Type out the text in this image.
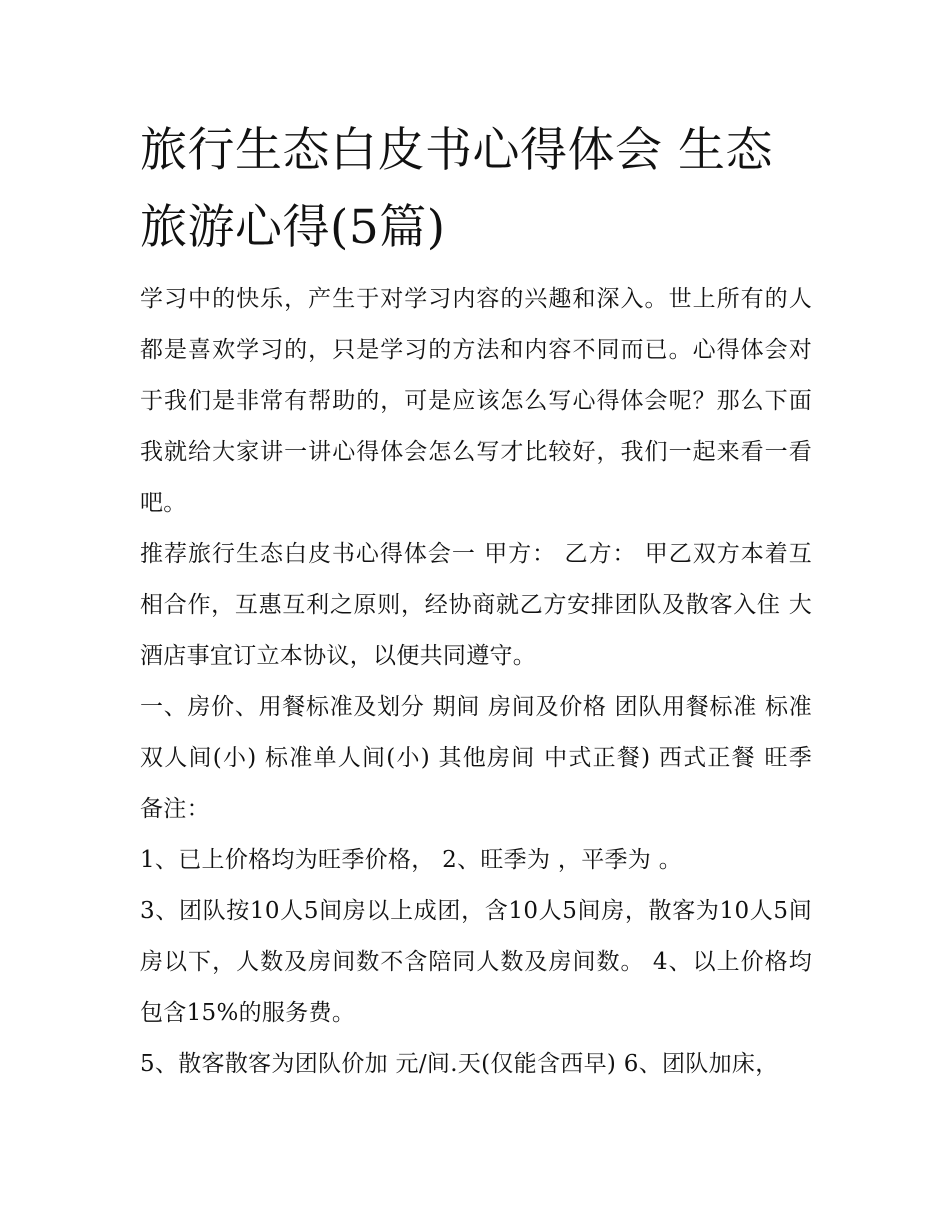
旅行生态白皮书心得体会 生态旅游心得(5篇)

学习中的快乐，产生于对学习内容的兴趣和深入。世上所有的人都是喜欢学习的，只是学习的方法和内容不同而已。心得体会对于我们是非常有帮助的，可是应该怎么写心得体会呢？那么下面我就给大家讲一讲心得体会怎么写才比较好，我们一起来看一看吧。

推荐旅行生态白皮书心得体会一 甲方： 乙方： 甲乙双方本着互相合作，互惠互利之原则，经协商就乙方安排团队及散客入住 大酒店事宜订立本协议，以便共同遵守。

一、房价、用餐标准及划分 期间 房间及价格 团队用餐标准 标准双人间(小) 标准单人间(小) 其他房间 中式正餐) 西式正餐 旺季 备注：

1、已上价格均为旺季价格， 2、旺季为 ，平季为 。

3、团队按10人5间房以上成团，含10人5间房，散客为10人5间房以下，人数及房间数不含陪同人数及房间数。 4、以上价格均包含15%的服务费。

5、散客散客为团队价加 元/间.天(仅能含西早) 6、团队加床，
